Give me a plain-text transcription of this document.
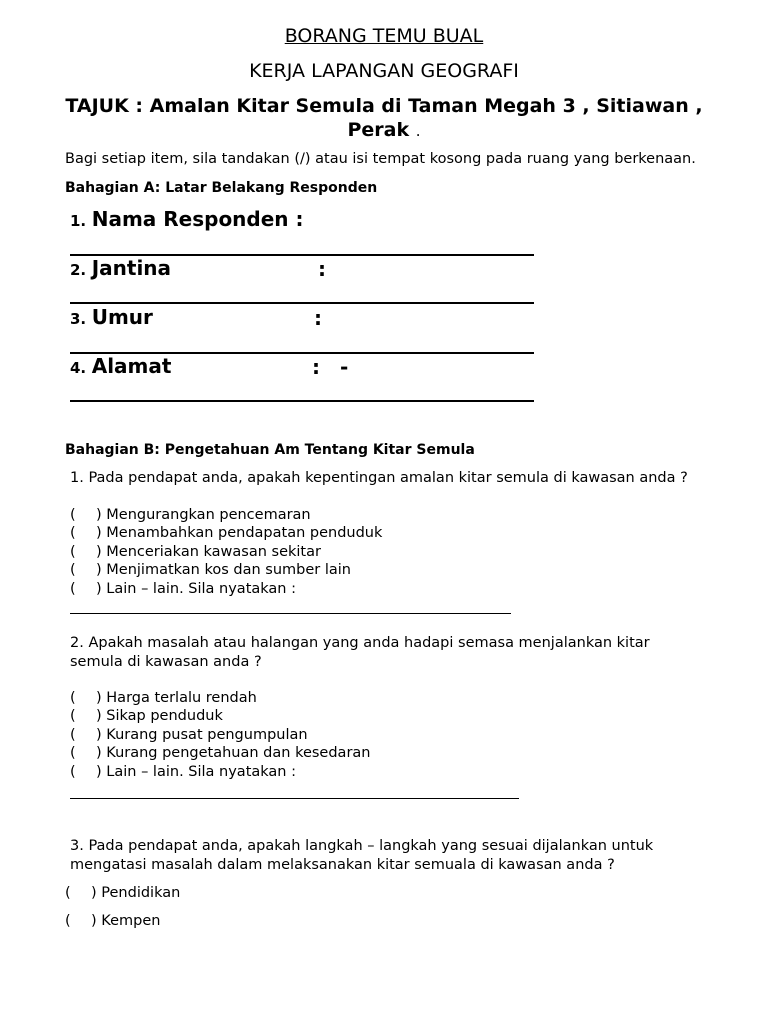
BORANG TEMU BUAL
KERJA LAPANGAN GEOGRAFI
TAJUK : Amalan Kitar Semula di Taman Megah 3 , Sitiawan ,
Perak .
Bagi setiap item, sila tandakan (/) atau isi tempat kosong pada ruang yang berkenaan.
Bahagian A: Latar Belakang Responden
1. Nama Responden :
2. Jantina	:
3. Umur	:
4. Alamat	: -
Bahagian B: Pengetahuan Am Tentang Kitar Semula
1. Pada pendapat anda, apakah kepentingan amalan kitar semula di kawasan anda ?
( ) Mengurangkan pencemaran
( ) Menambahkan pendapatan penduduk
( ) Menceriakan kawasan sekitar
( ) Menjimatkan kos dan sumber lain
( ) Lain – lain. Sila nyatakan :
2. Apakah masalah atau halangan yang anda hadapi semasa menjalankan kitar
semula di kawasan anda ?
( ) Harga terlalu rendah
( ) Sikap penduduk
( ) Kurang pusat pengumpulan
( ) Kurang pengetahuan dan kesedaran
( ) Lain – lain. Sila nyatakan :
3. Pada pendapat anda, apakah langkah – langkah yang sesuai dijalankan untuk
mengatasi masalah dalam melaksanakan kitar semuala di kawasan anda ?
( ) Pendidikan
( ) Kempen
